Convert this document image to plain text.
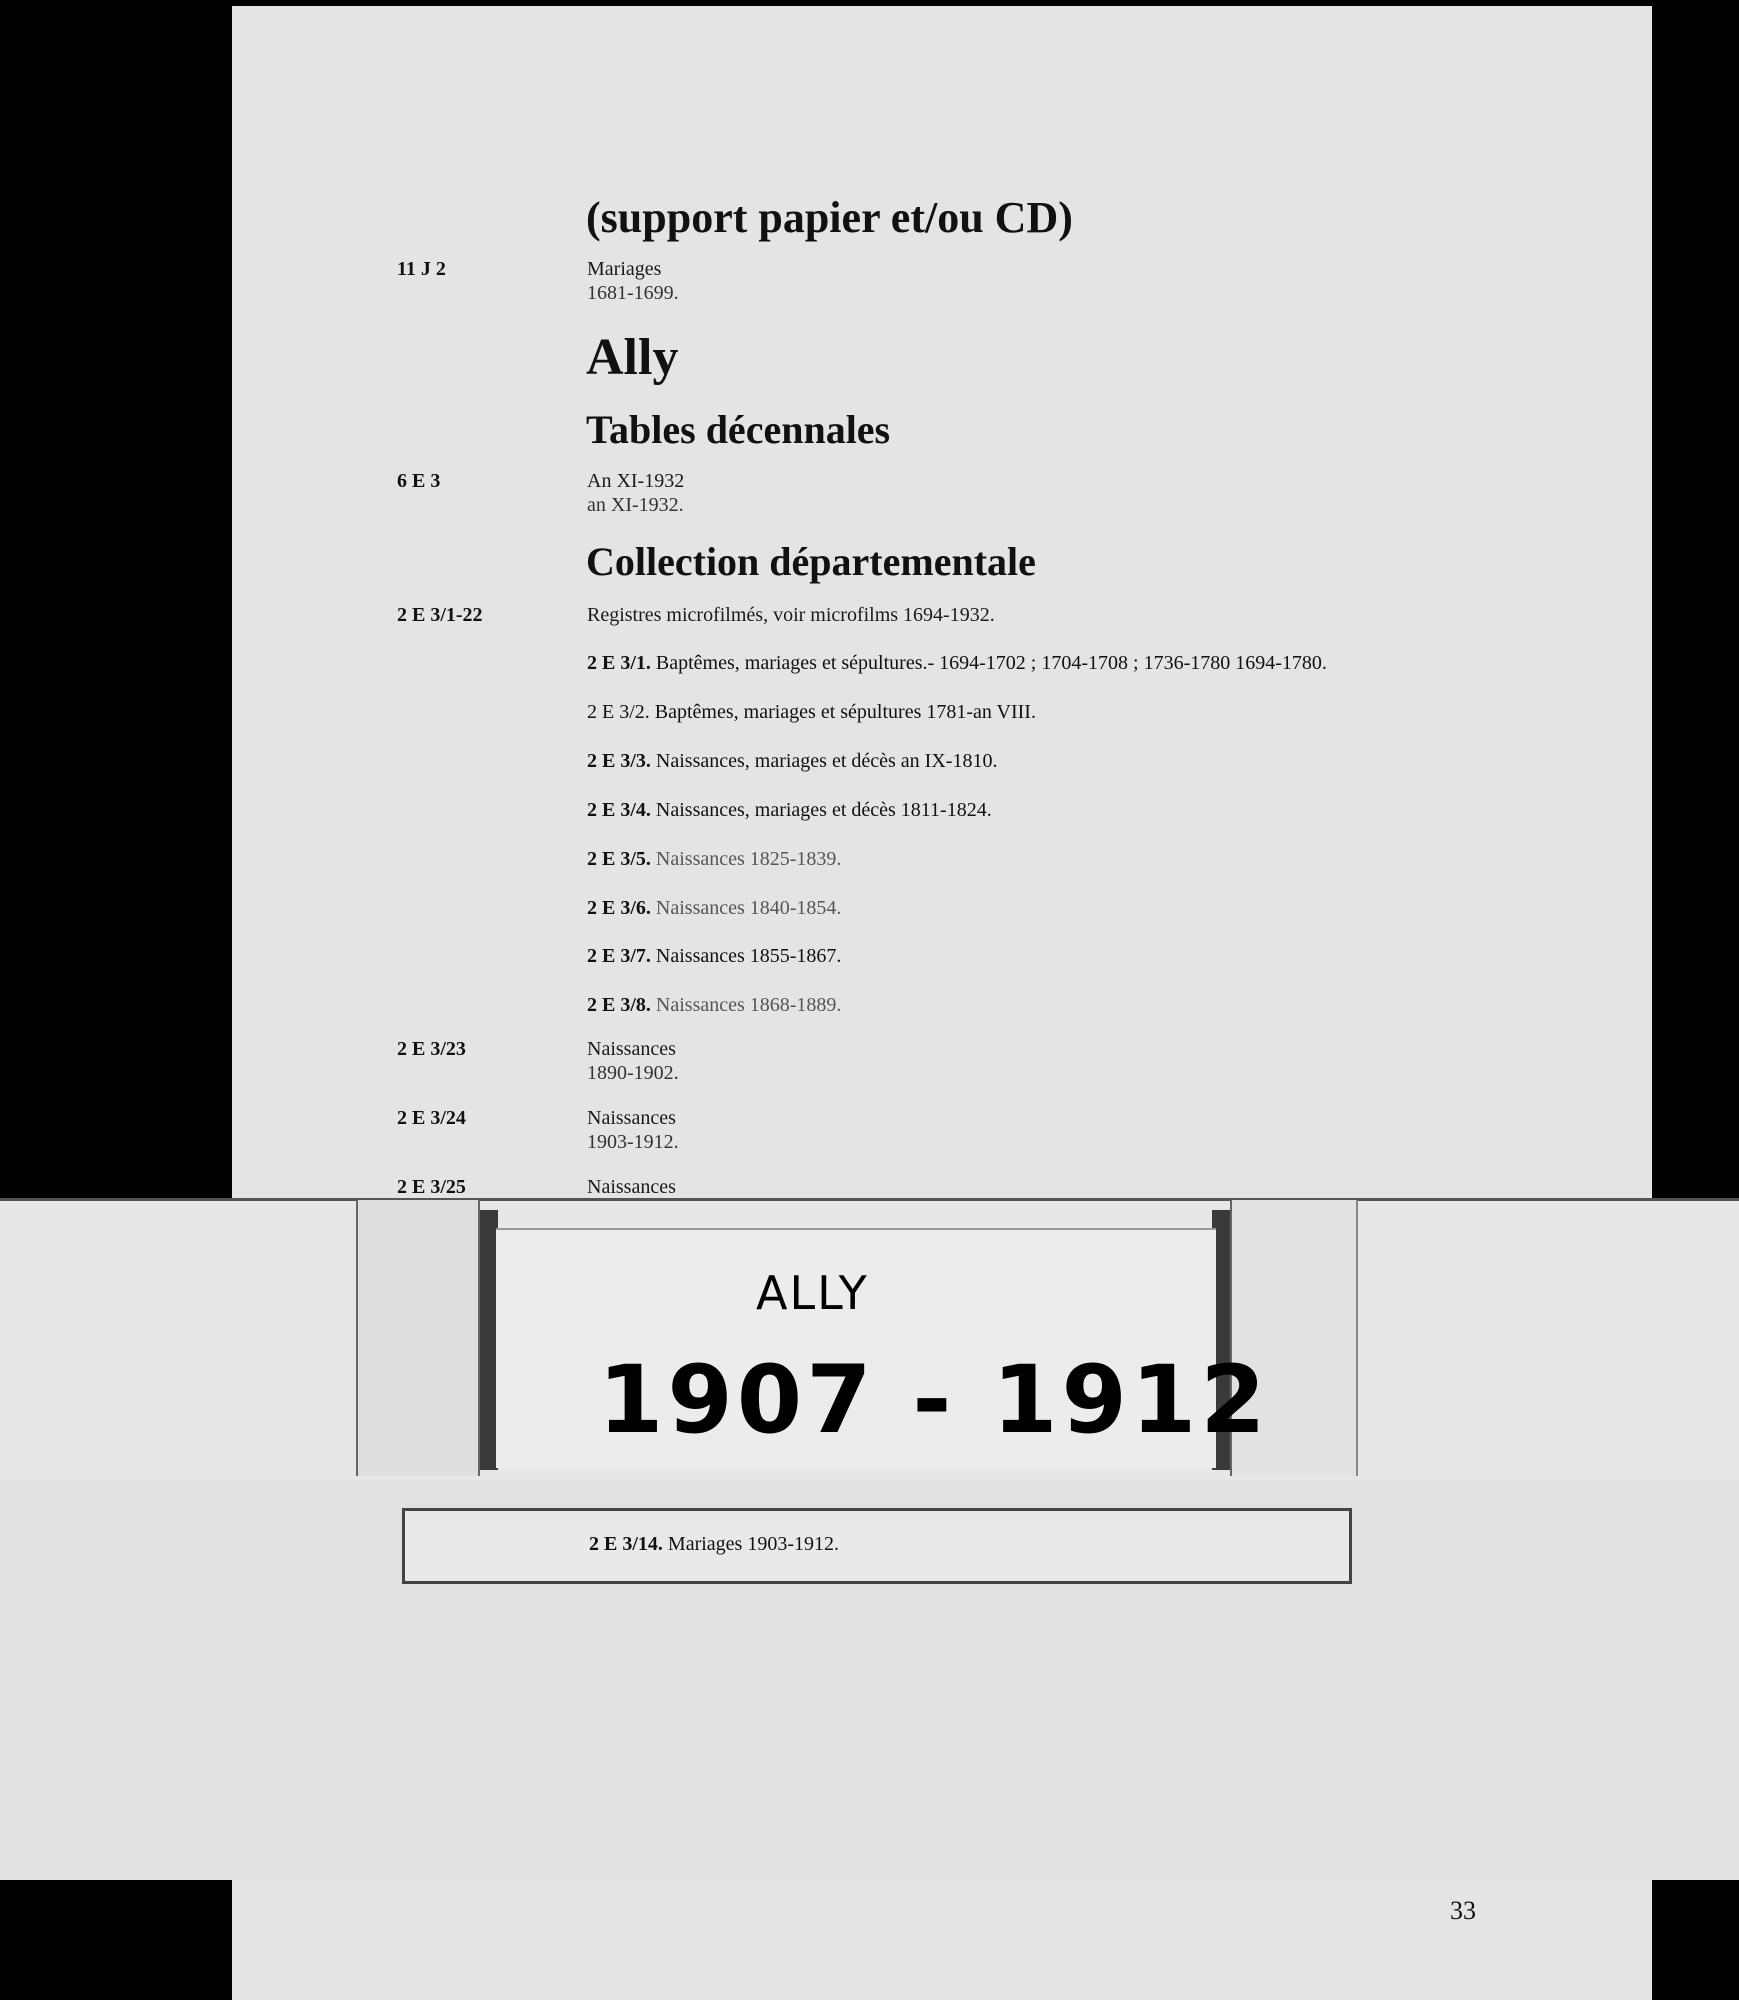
(support papier et/ou CD)
11 J 2	Mariages
1681-1699.
Ally
Tables décennales
6 E 3	An XI-1932
an XI-1932.
Collection départementale
2 E 3/1-22	Registres microfilmés, voir microfilms 1694-1932.
2 E 3/1. Baptêmes, mariages et sépultures.- 1694-1702 ; 1704-1708 ; 1736-1780 1694-1780.
2 E 3/2. Baptêmes, mariages et sépultures 1781-an VIII.
2 E 3/3. Naissances, mariages et décès an IX-1810.
2 E 3/4. Naissances, mariages et décès 1811-1824.
2 E 3/5. Naissances 1825-1839.
2 E 3/6. Naissances 1840-1854.
2 E 3/7. Naissances 1855-1867.
2 E 3/8. Naissances 1868-1889.
2 E 3/23	Naissances
1890-1902.
2 E 3/24	Naissances
1903-1912.
2 E 3/25	Naissances
ALLY
1907 - 1912
2 E 3/14. Mariages 1903-1912.
33
